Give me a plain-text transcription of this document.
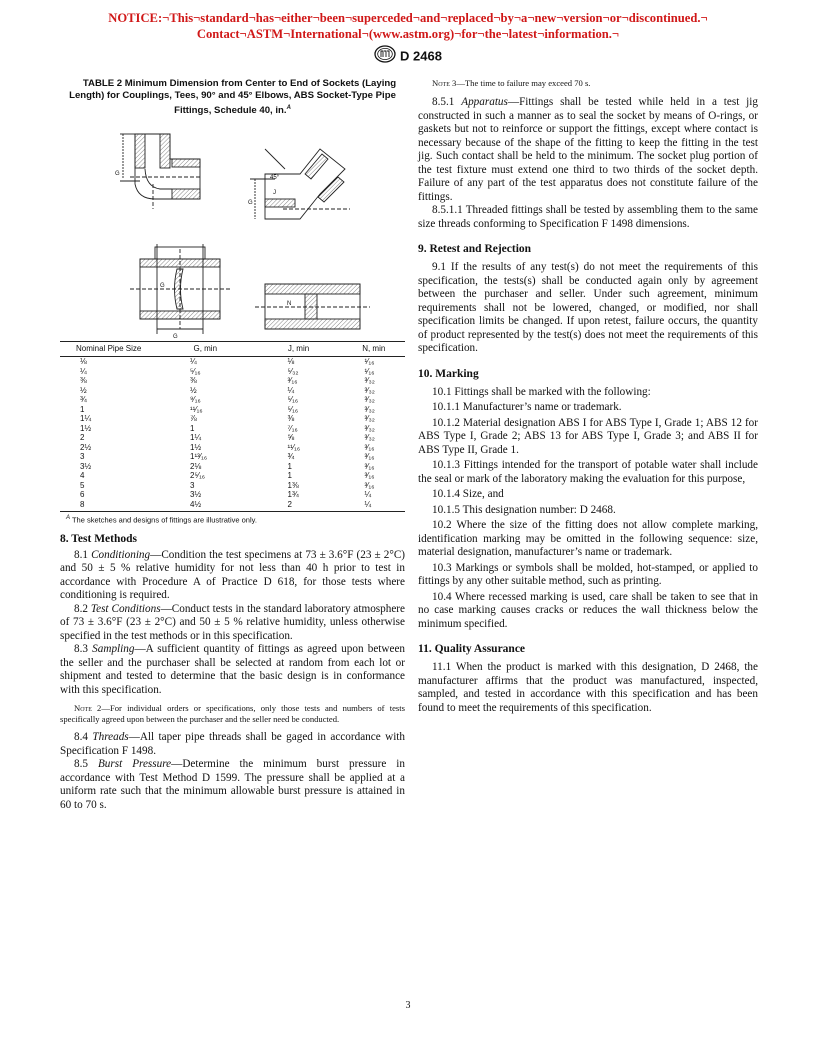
NOTICE:¬This¬standard¬has¬either¬been¬superceded¬and¬replaced¬by¬a¬new¬version¬or¬discontinued.¬
Contact¬ASTM¬International¬(www.astm.org)¬for¬the¬latest¬information.¬
D 2468

TABLE 2 Minimum Dimension from Center to End of Sockets (Laying Length) for Couplings, Tees, 90° and 45° Elbows, ABS Socket-Type Pipe Fittings, Schedule 40, in.$^A$

G
45°
J
G
G
G
N
Nominal Pipe Size	G, min	J, min	N, min
⅛	¼	⅛	¹⁄₁₆
¼	⁵⁄₁₆	⁵⁄₃₂	¹⁄₁₆
⅜	⅜	³⁄₁₆	³⁄₃₂
½	½	¼	³⁄₃₂
¾	⁹⁄₁₆	⁵⁄₁₆	³⁄₃₂
1	¹¹⁄₁₆	⁵⁄₁₆	³⁄₃₂
1¼	⅞	⅜	³⁄₃₂
1½	1	⁷⁄₁₆	³⁄₃₂
2	1¼	⅝	³⁄₃₂
2½	1½	¹¹⁄₁₆	³⁄₁₆
3	1¹³⁄₁₆	¾	³⁄₁₆
3½	2⅛	1	³⁄₁₆
4	2⁵⁄₁₆	1	³⁄₁₆
5	3	1⅜	³⁄₁₆
6	3½	1¾	¼
8	4½	2	¼
$^A$ The sketches and designs of fittings are illustrative only.
8. Test Methods

8.1 Conditioning—Condition the test specimens at 73 ± 3.6°F (23 ± 2°C) and 50 ± 5 % relative humidity for not less than 40 h prior to test in accordance with Procedure A of Practice D 618, for those tests where conditioning is required.

8.2 Test Conditions—Conduct tests in the standard laboratory atmosphere of 73 ± 3.6°F (23 ± 2°C) and 50 ± 5 % relative humidity, unless otherwise specified in the test methods or in this specification.

8.3 Sampling—A sufficient quantity of fittings as agreed upon between the seller and the purchaser shall be selected at random from each lot or shipment and tested to determine that the basic design is in conformance with this specification.

Note 2—For individual orders or specifications, only those tests and numbers of tests specifically agreed upon between the purchaser and the seller need be conducted.

8.4 Threads—All taper pipe threads shall be gaged in accordance with Specification F 1498.

8.5 Burst Pressure—Determine the minimum burst pressure in accordance with Test Method D 1599. The pressure shall be applied at a uniform rate such that the minimum allowable burst pressure is attained in 60 to 70 s.

Note 3—The time to failure may exceed 70 s.

8.5.1 Apparatus—Fittings shall be tested while held in a test jig constructed in such a manner as to seal the socket by means of O-rings, or gaskets but not to reinforce or support the fittings, except where contact is necessary because of the shape of the fitting to keep the fitting in the test jig. Such contact shall be held to the minimum. The socket plug portion of the test fixture must extend one third to two thirds of the socket depth. Failure of any part of the test apparatus does not constitute failure of the fittings.

8.5.1.1 Threaded fittings shall be tested by assembling them to the same size threads conforming to Specification F 1498 dimensions.

9. Retest and Rejection

9.1 If the results of any test(s) do not meet the requirements of this specification, the tests(s) shall be conducted again only by agreement between the purchaser and seller. Under such agreement, minimum requirements shall not be lowered, changed, or modified, nor shall specification limits be changed. If upon retest, failure occurs, the quantity of product represented by the test(s) does not meet the requirements of this specification.

10. Marking

10.1 Fittings shall be marked with the following:

10.1.1 Manufacturer’s name or trademark.

10.1.2 Material designation ABS I for ABS Type I, Grade 1; ABS 12 for ABS Type I, Grade 2; ABS 13 for ABS Type I, Grade 3; and ABS II for ABS Type II, Grade 1.

10.1.3 Fittings intended for the transport of potable water shall include the seal or mark of the laboratory making the evaluation for this purpose,

10.1.4 Size, and

10.1.5 This designation number: D 2468.

10.2 Where the size of the fitting does not allow complete marking, identification marking may be omitted in the following sequence: size, material designation, manufacturer’s name or trademark.

10.3 Markings or symbols shall be molded, hot-stamped, or applied to fittings by any other suitable method, such as printing.

10.4 Where recessed marking is used, care shall be taken to see that in no case marking causes cracks or reduces the wall thickness below the minimum specified.

11. Quality Assurance

11.1 When the product is marked with this designation, D 2468, the manufacturer affirms that the product was manufactured, inspected, sampled, and tested in accordance with this specification and has been found to meet the requirements of this specification.

3
